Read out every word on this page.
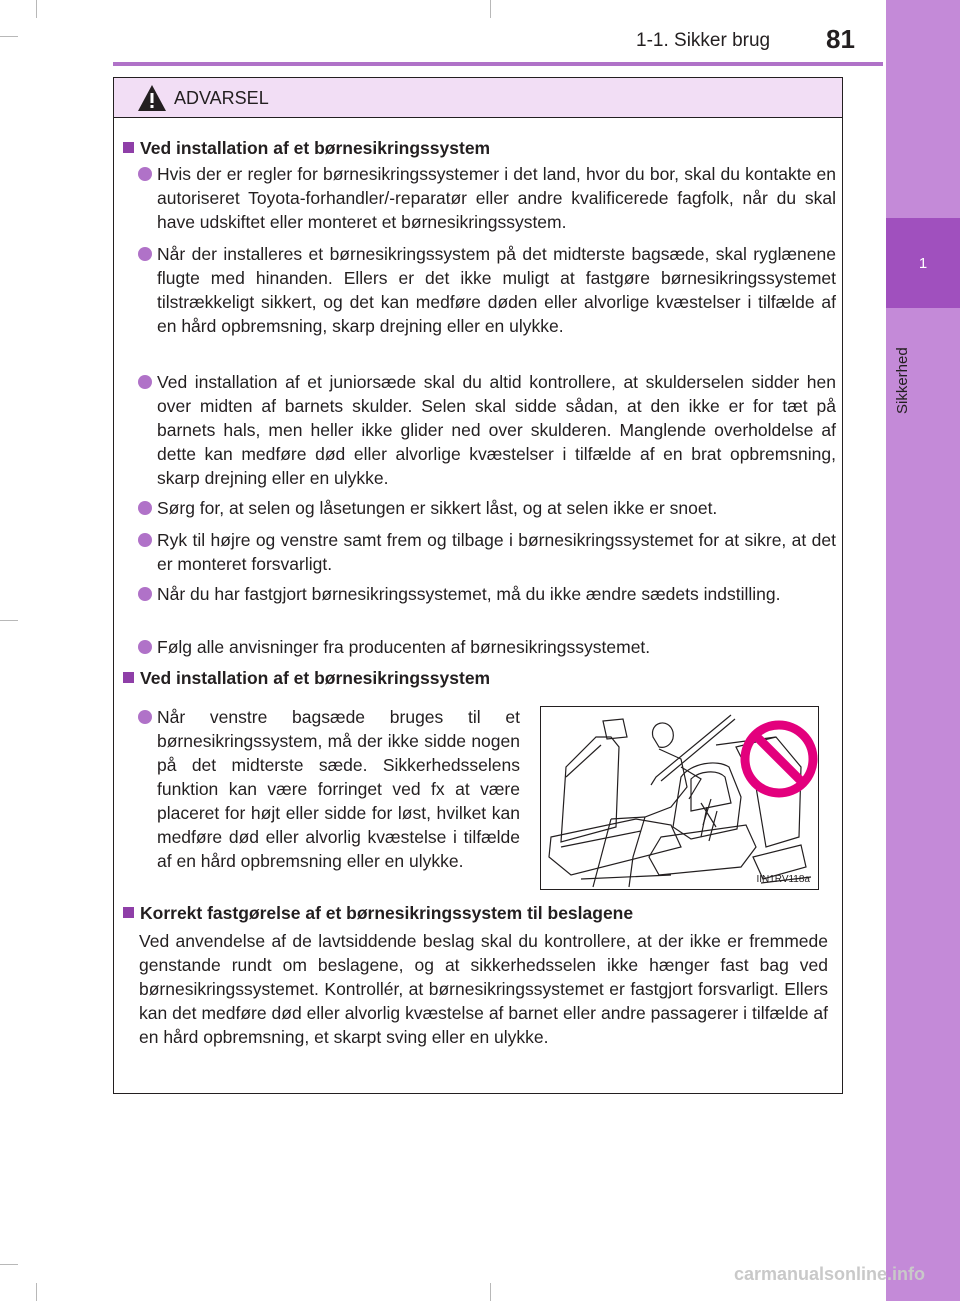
1-1. Sikker brug 81
1
Sikkerhed
ADVARSEL
Ved installation af et børnesikringssystem
Hvis der er regler for børnesikringssystemer i det land, hvor du bor, skal du kontakte en autoriseret Toyota-forhandler/-reparatør eller andre kvalificerede fagfolk, når du skal have udskiftet eller monteret et børnesikringssystem.
Når der installeres et børnesikringssystem på det midterste bagsæde, skal ryglænene flugte med hinanden. Ellers er det ikke muligt at fastgøre børnesikringssystemet tilstrækkeligt sikkert, og det kan medføre døden eller alvorlige kvæstelser i tilfælde af en hård opbremsning, skarp drejning eller en ulykke.
Ved installation af et juniorsæde skal du altid kontrollere, at skulderselen sidder hen over midten af barnets skulder. Selen skal sidde sådan, at den ikke er for tæt på barnets hals, men heller ikke glider ned over skulderen. Manglende overholdelse af dette kan medføre død eller alvorlige kvæstelser i tilfælde af en brat opbremsning, skarp drejning eller en ulykke.
Sørg for, at selen og låsetungen er sikkert låst, og at selen ikke er snoet.
Ryk til højre og venstre samt frem og tilbage i børnesikringssystemet for at sikre, at det er monteret forsvarligt.
Når du har fastgjort børnesikringssystemet, må du ikke ændre sædets indstilling.
Følg alle anvisninger fra producenten af børnesikringssystemet.
Ved installation af et børnesikringssystem
Når venstre bagsæde bruges til et børnesikringssystem, må der ikke sidde nogen på det midterste sæde. Sikkerhedsselens funktion kan være forringet ved fx at være placeret for højt eller sidde for løst, hvilket kan medføre død eller alvorlig kvæstelse i tilfælde af en hård opbremsning eller en ulykke.
IIN1RV118a
Korrekt fastgørelse af et børnesikringssystem til beslagene
Ved anvendelse af de lavtsiddende beslag skal du kontrollere, at der ikke er fremmede genstande rundt om beslagene, og at sikkerhedsselen ikke hænger fast bag ved børnesikringssystemet. Kontrollér, at børnesikringssystemet er fastgjort forsvarligt. Ellers kan det medføre død eller alvorlig kvæstelse af barnet eller andre passagerer i tilfælde af en hård opbremsning, et skarpt sving eller en ulykke.
carmanualsonline.info
